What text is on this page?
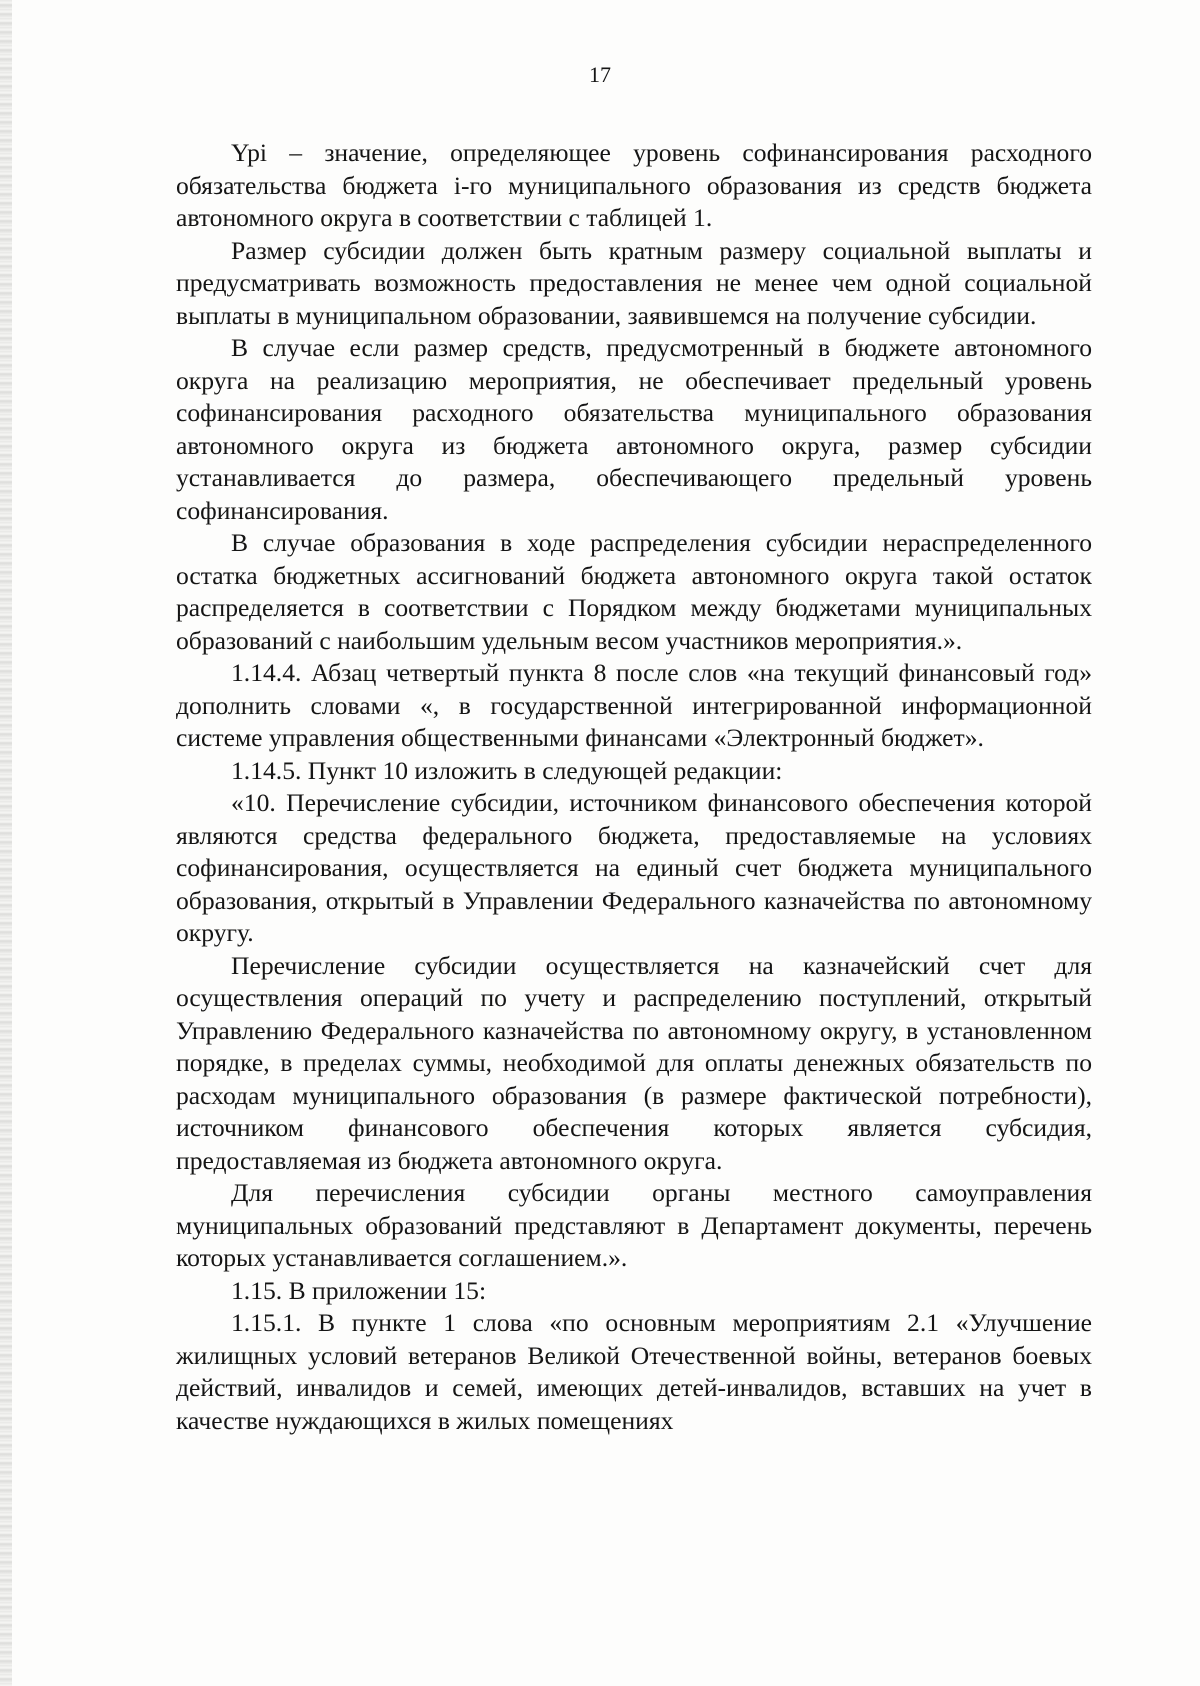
17

Ypi – значение, определяющее уровень софинансирования расходного обязательства бюджета i-го муниципального образования из средств бюджета автономного округа в соответствии с таблицей 1.

Размер субсидии должен быть кратным размеру социальной выплаты и предусматривать возможность предоставления не менее чем одной социальной выплаты в муниципальном образовании, заявившемся на получение субсидии.

В случае если размер средств, предусмотренный в бюджете автономного округа на реализацию мероприятия, не обеспечивает предельный уровень софинансирования расходного обязательства муниципального образования автономного округа из бюджета автономного округа, размер субсидии устанавливается до размера, обеспечивающего предельный уровень софинансирования.

В случае образования в ходе распределения субсидии нераспределенного остатка бюджетных ассигнований бюджета автономного округа такой остаток распределяется в соответствии с Порядком между бюджетами муниципальных образований с наибольшим удельным весом участников мероприятия.».

1.14.4. Абзац четвертый пункта 8 после слов «на текущий финансовый год» дополнить словами «, в государственной интегрированной информационной системе управления общественными финансами «Электронный бюджет».

1.14.5. Пункт 10 изложить в следующей редакции:

«10. Перечисление субсидии, источником финансового обеспечения которой являются средства федерального бюджета, предоставляемые на условиях софинансирования, осуществляется на единый счет бюджета муниципального образования, открытый в Управлении Федерального казначейства по автономному округу.

Перечисление субсидии осуществляется на казначейский счет для осуществления операций по учету и распределению поступлений, открытый Управлению Федерального казначейства по автономному округу, в установленном порядке, в пределах суммы, необходимой для оплаты денежных обязательств по расходам муниципального образования (в размере фактической потребности), источником финансового обеспечения которых является субсидия, предоставляемая из бюджета автономного округа.

Для перечисления субсидии органы местного самоуправления муниципальных образований представляют в Департамент документы, перечень которых устанавливается соглашением.».

1.15. В приложении 15:

1.15.1. В пункте 1 слова «по основным мероприятиям 2.1 «Улучшение жилищных условий ветеранов Великой Отечественной войны, ветеранов боевых действий, инвалидов и семей, имеющих детей-инвалидов, вставших на учет в качестве нуждающихся в жилых помещениях
